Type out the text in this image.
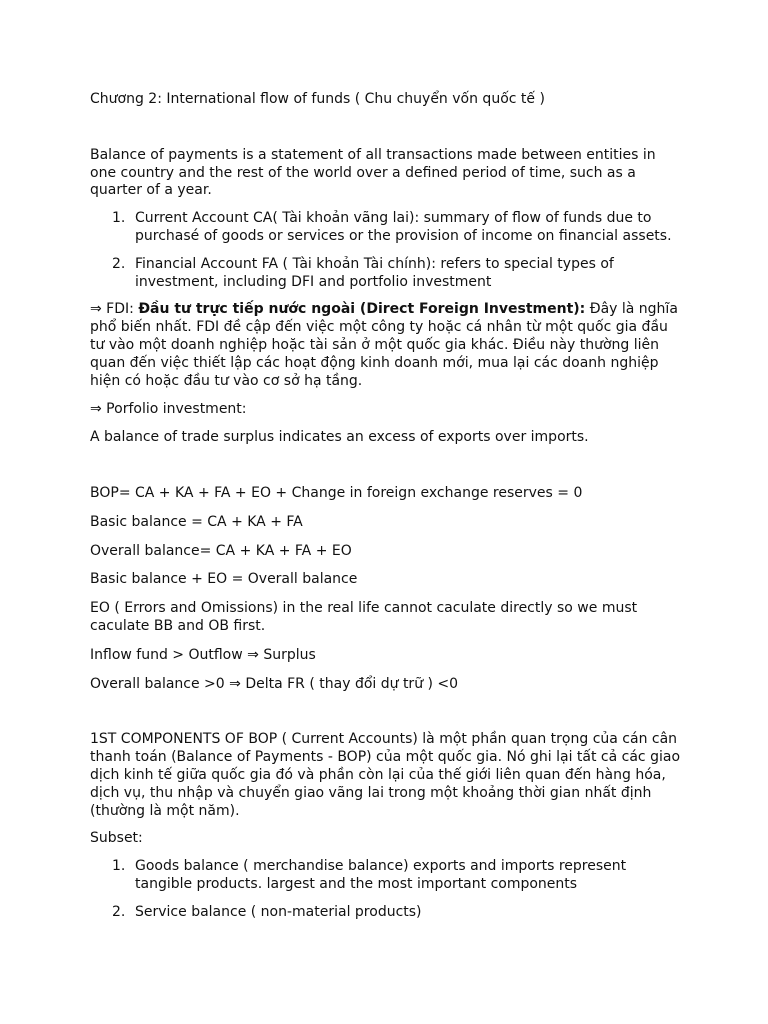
Chương 2: International flow of funds ( Chu chuyển vốn quốc tế )

Balance of payments is a statement of all transactions made between entities in one country and the rest of the world over a defined period of time, such as a quarter of a year.

1. Current Account CA( Tài khoản vãng lai): summary of flow of funds due to purchasé of goods or services or the provision of income on financial assets.
2. Financial Account FA ( Tài khoản Tài chính): refers to special types of investment, including DFI and portfolio investment

⇒ FDI: Đầu tư trực tiếp nước ngoài (Direct Foreign Investment): Đây là nghĩa phổ biến nhất. FDI đề cập đến việc một công ty hoặc cá nhân từ một quốc gia đầu tư vào một doanh nghiệp hoặc tài sản ở một quốc gia khác. Điều này thường liên quan đến việc thiết lập các hoạt động kinh doanh mới, mua lại các doanh nghiệp hiện có hoặc đầu tư vào cơ sở hạ tầng.

⇒ Porfolio investment:

A balance of trade surplus indicates an excess of exports over imports.

BOP= CA + KA + FA + EO + Change in foreign exchange reserves = 0

Basic balance = CA + KA + FA

Overall balance= CA + KA + FA + EO

Basic balance + EO = Overall balance

EO ( Errors and Omissions) in the real life cannot caculate directly so we must caculate BB and OB first.

Inflow fund > Outflow ⇒ Surplus

Overall balance >0 ⇒ Delta FR ( thay đổi dự trữ ) <0

1ST COMPONENTS OF BOP ( Current Accounts) là một phần quan trọng của cán cân thanh toán (Balance of Payments - BOP) của một quốc gia. Nó ghi lại tất cả các giao dịch kinh tế giữa quốc gia đó và phần còn lại của thế giới liên quan đến hàng hóa, dịch vụ, thu nhập và chuyển giao vãng lai trong một khoảng thời gian nhất định (thường là một năm).

Subset:

1. Goods balance ( merchandise balance) exports and imports represent tangible products. largest and the most important components
2. Service balance ( non-material products)
